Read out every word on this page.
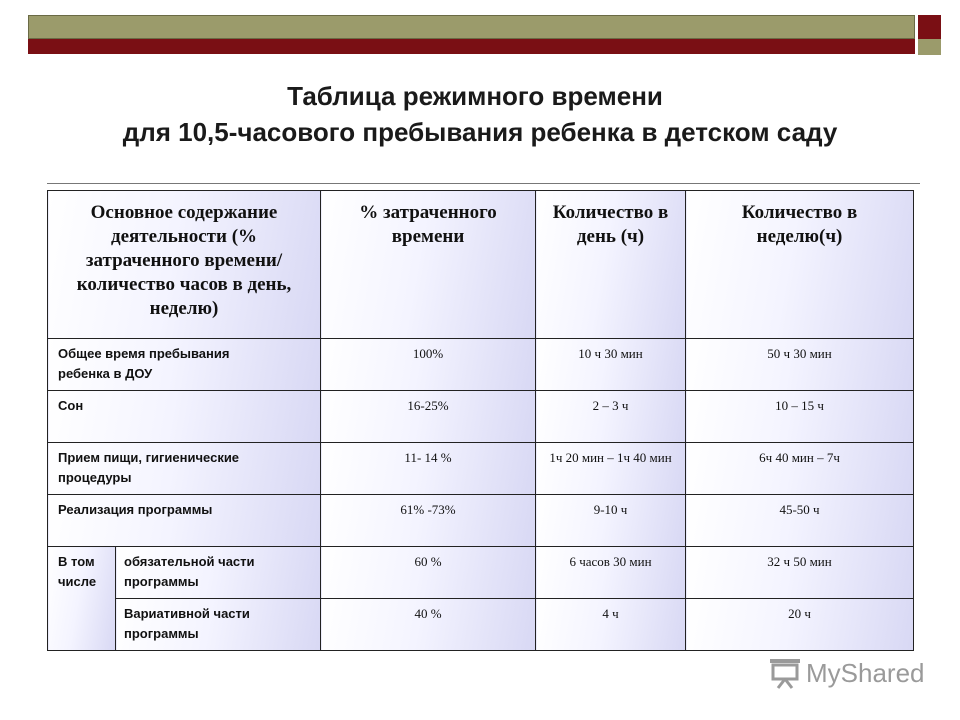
Таблица режимного времени
для 10,5-часового пребывания ребенка в детском саду
Основное содержание деятельности (% затраченного времени/ количество часов в день, неделю)		% затраченного времени	Количество в день (ч)	Количество в неделю(ч)
Общее время пребывания ребенка в ДОУ		100%	10 ч 30 мин	50 ч 30 мин
Сон		16-25%	2 – 3 ч	10 – 15 ч
Прием пищи, гигиенические процедуры		11- 14 %	1ч 20 мин – 1ч 40 мин	6ч 40 мин – 7ч
Реализация программы		61% -73%	9-10 ч	45-50 ч
В том числе	обязательной части программы	60 %	6 часов 30 мин	32 ч 50 мин
	Вариативной части программы	40 %	4 ч	20 ч
MyShared
